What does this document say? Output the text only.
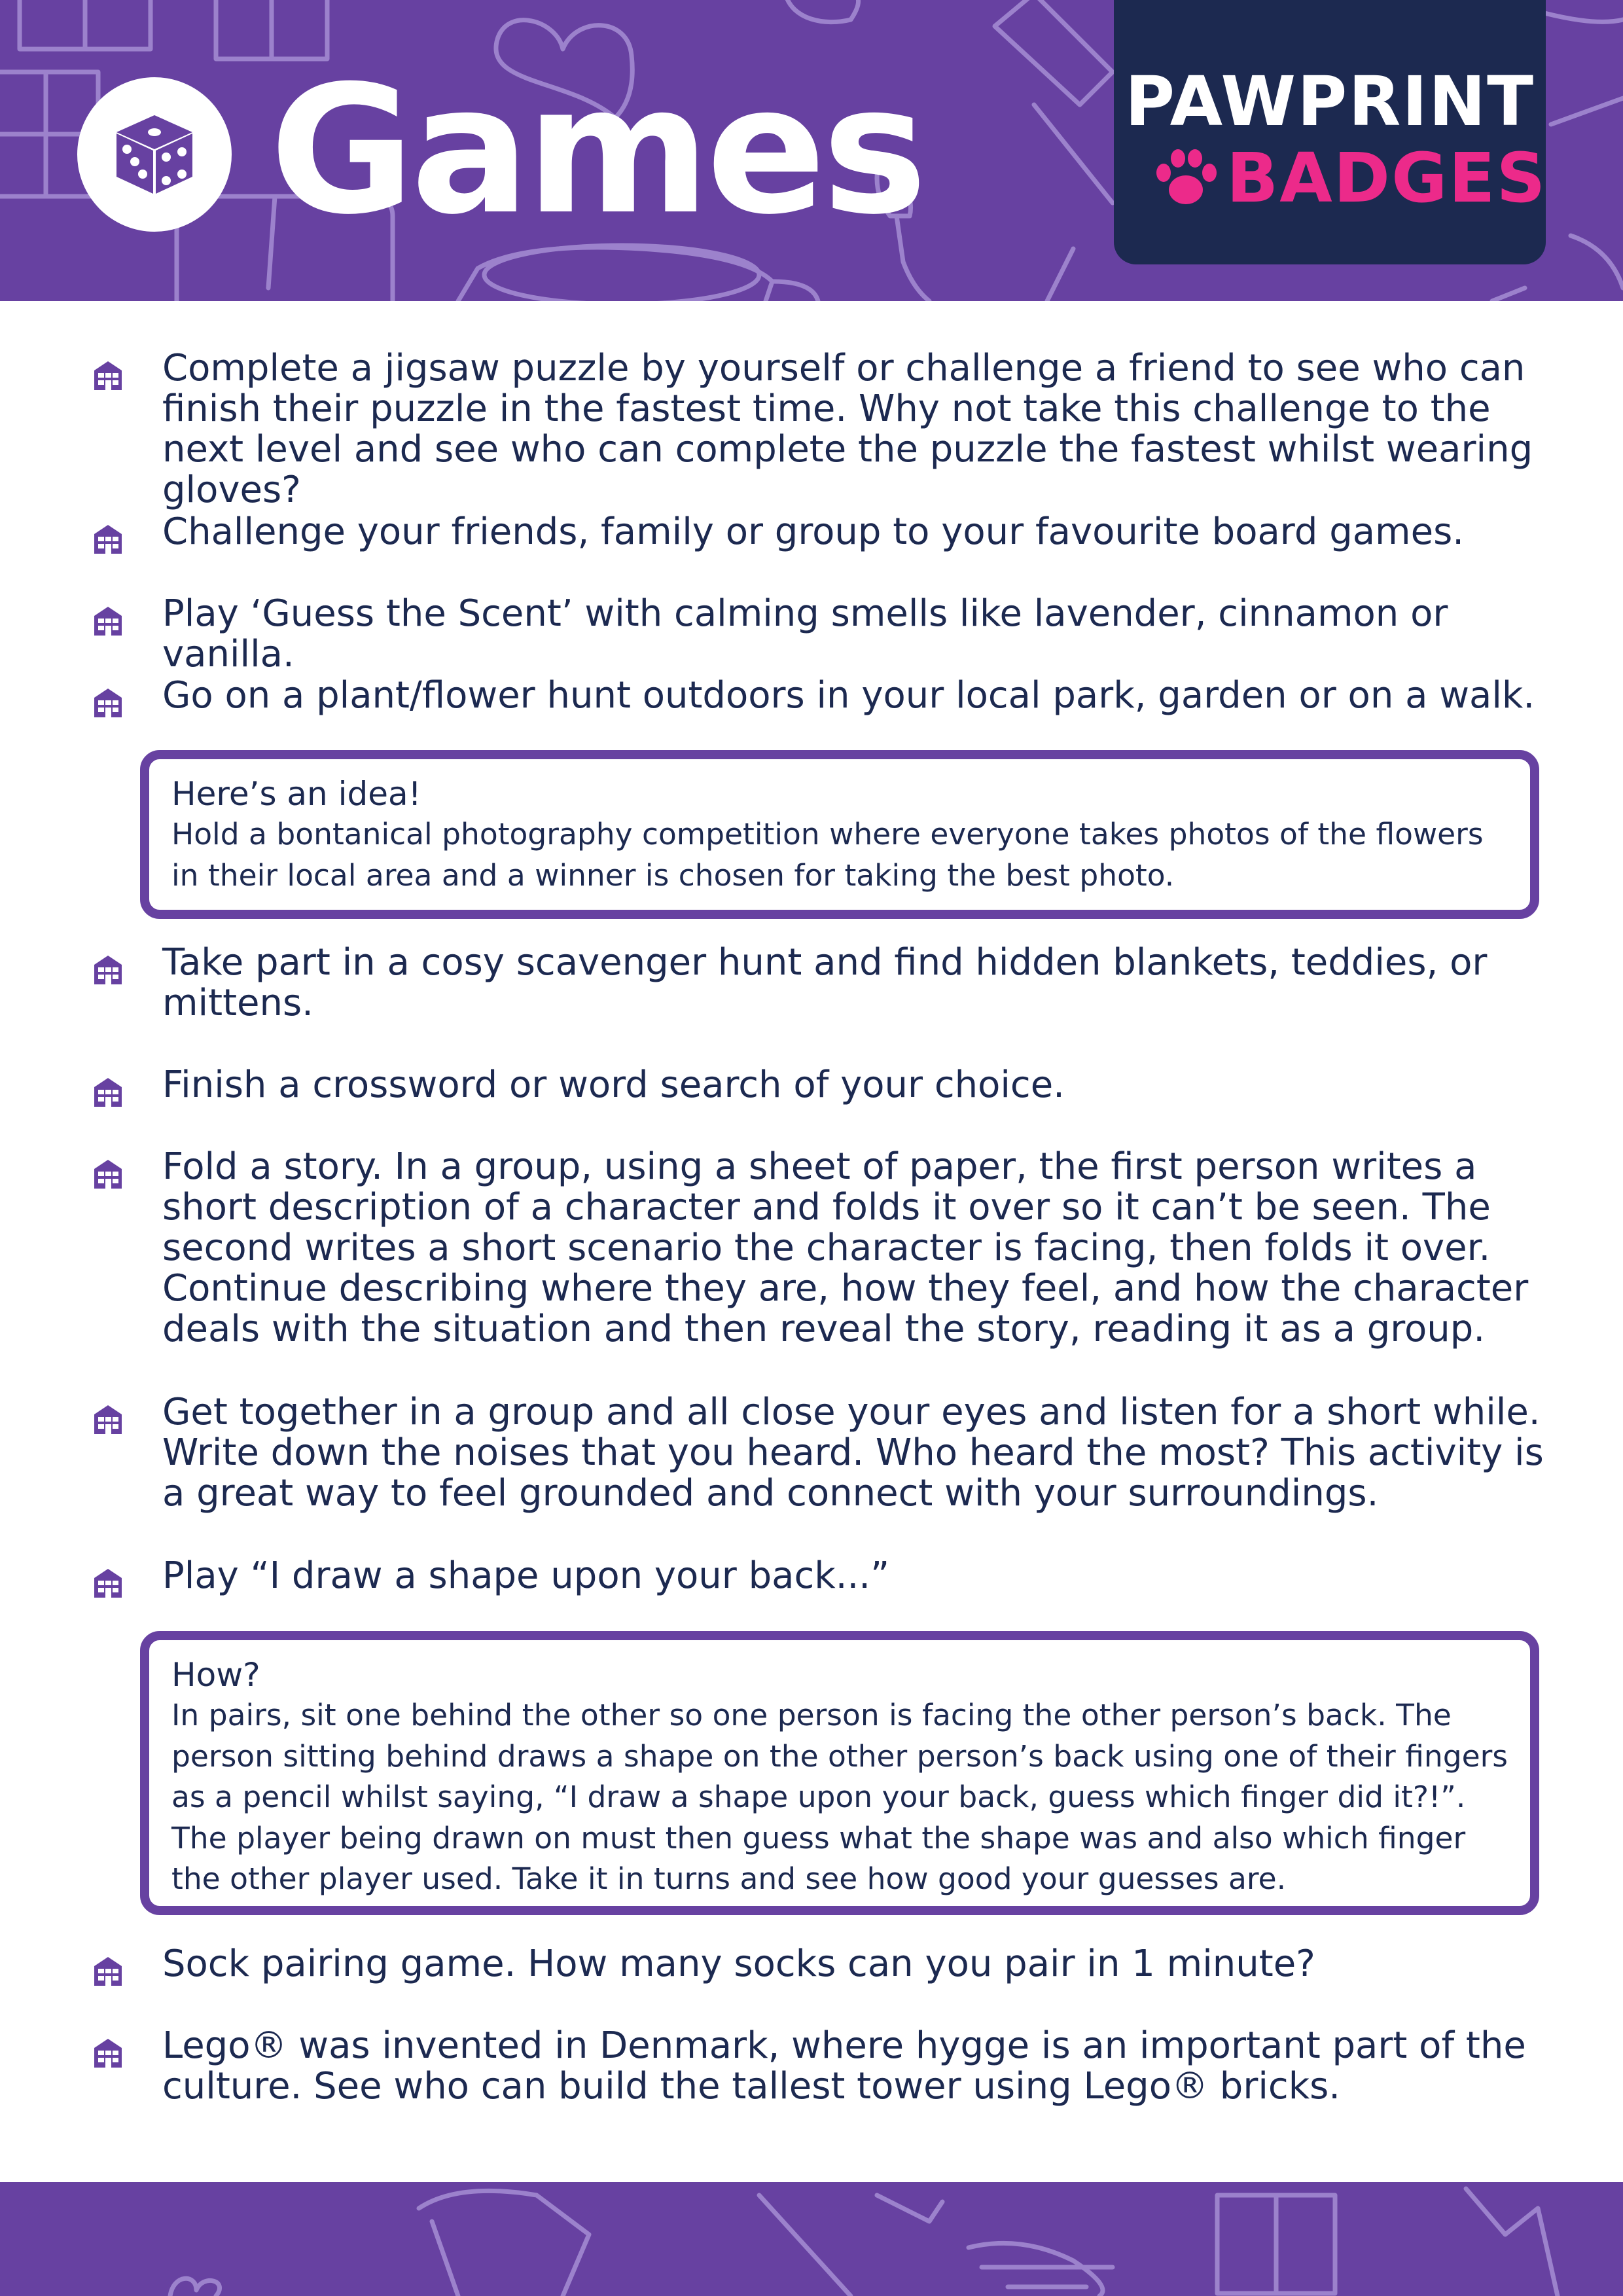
Games	PAWPRINT
BADGES
Complete a jigsaw puzzle by yourself or challenge a friend to see who can finish their puzzle in the fastest time. Why not take this challenge to the next level and see who can complete the puzzle the fastest whilst wearing gloves?
Challenge your friends, family or group to your favourite board games.
Play ‘Guess the Scent’ with calming smells like lavender, cinnamon or vanilla.
Go on a plant/flower hunt outdoors in your local park, garden or on a walk.
Here’s an idea!
Hold a bontanical photography competition where everyone takes photos of the flowers in their local area and a winner is chosen for taking the best photo.
Take part in a cosy scavenger hunt and find hidden blankets, teddies, or mittens.
Finish a crossword or word search of your choice.
Fold a story. In a group, using a sheet of paper, the first person writes a short description of a character and folds it over so it can’t be seen. The second writes a short scenario the character is facing, then folds it over. Continue describing where they are, how they feel, and how the character deals with the situation and then reveal the story, reading it as a group.
Get together in a group and all close your eyes and listen for a short while. Write down the noises that you heard. Who heard the most? This activity is a great way to feel grounded and connect with your surroundings.
Play “I draw a shape upon your back...”
How?
In pairs, sit one behind the other so one person is facing the other person’s back. The person sitting behind draws a shape on the other person’s back using one of their fingers as a pencil whilst saying, “I draw a shape upon your back, guess which finger did it?!”. The player being drawn on must then guess what the shape was and also which finger the other player used. Take it in turns and see how good your guesses are.
Sock pairing game. How many socks can you pair in 1 minute?
Lego® was invented in Denmark, where hygge is an important part of the culture. See who can build the tallest tower using Lego® bricks.
